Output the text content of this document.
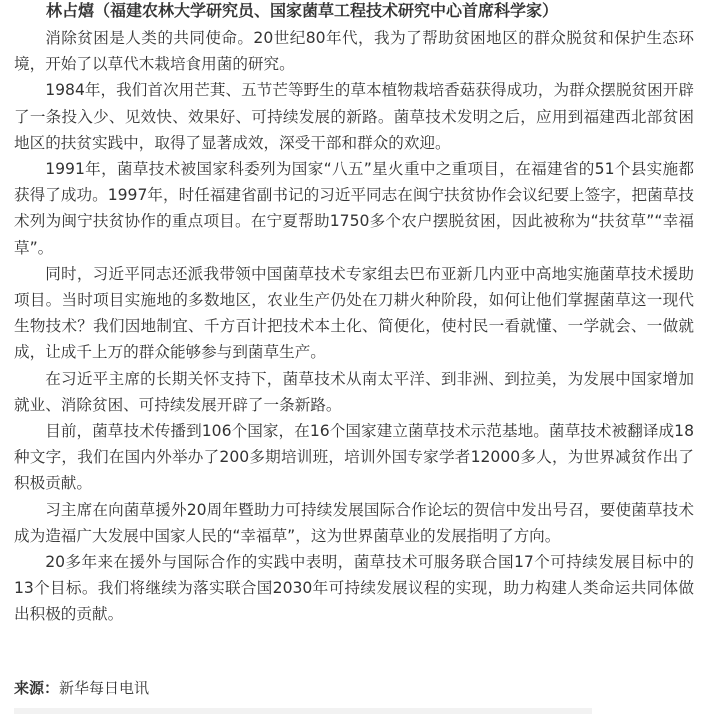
林占熺（福建农林大学研究员、国家菌草工程技术研究中心首席科学家）

消除贫困是人类的共同使命。20世纪80年代，我为了帮助贫困地区的群众脱贫和保护生态环境，开始了以草代木栽培食用菌的研究。

1984年，我们首次用芒萁、五节芒等野生的草本植物栽培香菇获得成功，为群众摆脱贫困开辟了一条投入少、见效快、效果好、可持续发展的新路。菌草技术发明之后，应用到福建西北部贫困地区的扶贫实践中，取得了显著成效，深受干部和群众的欢迎。

1991年，菌草技术被国家科委列为国家“八五”星火重中之重项目，在福建省的51个县实施都获得了成功。1997年，时任福建省副书记的习近平同志在闽宁扶贫协作会议纪要上签字，把菌草技术列为闽宁扶贫协作的重点项目。在宁夏帮助1750多个农户摆脱贫困，因此被称为“扶贫草”“幸福草”。

同时，习近平同志还派我带领中国菌草技术专家组去巴布亚新几内亚中高地实施菌草技术援助项目。当时项目实施地的多数地区，农业生产仍处在刀耕火种阶段，如何让他们掌握菌草这一现代生物技术？我们因地制宜、千方百计把技术本土化、简便化，使村民一看就懂、一学就会、一做就成，让成千上万的群众能够参与到菌草生产。

在习近平主席的长期关怀支持下，菌草技术从南太平洋、到非洲、到拉美，为发展中国家增加就业、消除贫困、可持续发展开辟了一条新路。

目前，菌草技术传播到106个国家，在16个国家建立菌草技术示范基地。菌草技术被翻译成18种文字，我们在国内外举办了200多期培训班，培训外国专家学者12000多人，为世界减贫作出了积极贡献。

习主席在向菌草援外20周年暨助力可持续发展国际合作论坛的贺信中发出号召，要使菌草技术成为造福广大发展中国家人民的“幸福草”，这为世界菌草业的发展指明了方向。

20多年来在援外与国际合作的实践中表明，菌草技术可服务联合国17个可持续发展目标中的13个目标。我们将继续为落实联合国2030年可持续发展议程的实现，助力构建人类命运共同体做出积极的贡献。

来源：新华每日电讯
